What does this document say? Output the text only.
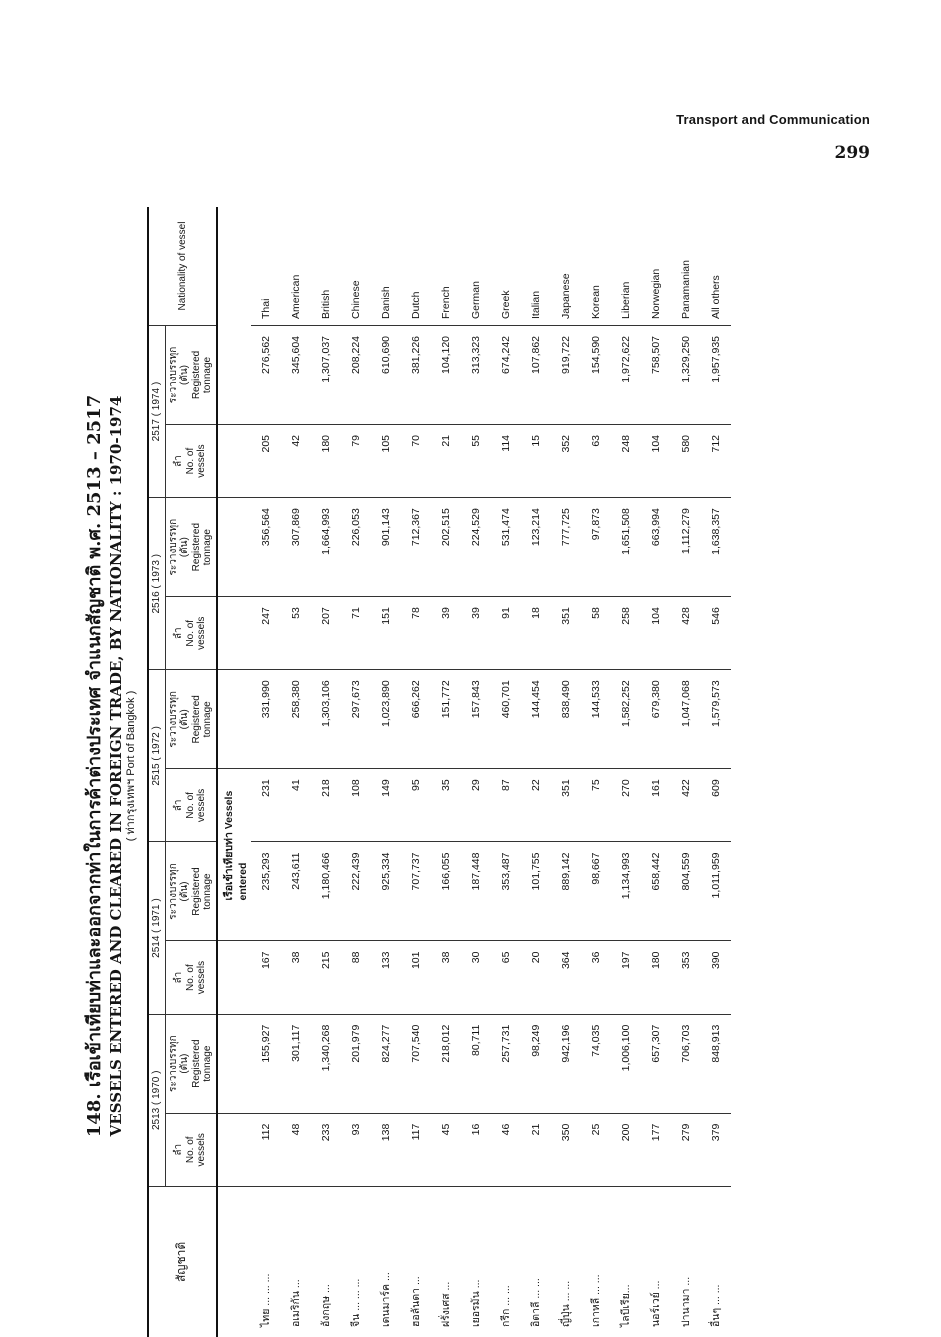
Transport and Communication
299
148. เรือเข้าเทียบท่าและออกจากท่าในการค้าต่างประเทศ จำแนกสัญชาติ พ.ศ. 2513 – 2517 VESSELS ENTERED AND CLEARED IN FOREIGN TRADE, BY NATIONALITY : 1970-1974 ( ท่ากรุงเทพฯ Port of Bangkok )
สัญชาติ	2513 ( 1970 )		2514 ( 1971 )		2515 ( 1972 )		2516 ( 1973 )		2517 ( 1974 )		Nationality of vessel
	ลำ
No. of
vessels	ระวางบรรทุก
(ตัน)
Registered
tonnage	ลำ
No. of
vessels	ระวางบรรทุก
(ตัน)
Registered
tonnage	ลำ
No. of
vessels	ระวางบรรทุก
(ตัน)
Registered
tonnage	ลำ
No. of
vessels	ระวางบรรทุก
(ตัน)
Registered
tonnage	ลำ
No. of
vessels	ระวางบรรทุก
(ตัน)
Registered
tonnage	
				เรือเข้าเทียบท่า Vessels entered							
ไทย ... ... ...	112	155,927	167	235,293	231	331,990	247	356,564	205	276,562	Thai
อเมริกัน ...	48	301,117	38	243,611	41	258,380	53	307,869	42	345,604	American
อังกฤษ ...	233	1,340,268	215	1,180,466	218	1,303,106	207	1,664,993	180	1,307,037	British
จีน ... ... ...	93	201,979	88	222,439	108	297,673	71	226,053	79	208,224	Chinese
เดนมาร์ค ...	138	824,277	133	925,334	149	1,023,890	151	901,143	105	610,690	Danish
ฮอลันดา ...	117	707,540	101	707,737	95	666,262	78	712,367	70	381,226	Dutch
ฝรั่งเศส ...	45	218,012	38	166,055	35	151,772	39	202,515	21	104,120	French
เยอรมัน ...	16	80,711	30	187,448	29	157,843	39	224,529	55	313,323	German
กรีก ... ...	46	257,731	65	353,487	87	460,701	91	531,474	114	674,242	Greek
อิตาลี ... ...	21	98,249	20	101,755	22	144,454	18	123,214	15	107,862	Italian
ญี่ปุ่น ... ...	350	942,196	364	889,142	351	838,490	351	777,725	352	919,722	Japanese
เกาหลี ... ...	25	74,035	36	98,667	75	144,533	58	97,873	63	154,590	Korean
ไลบีเรีย...	200	1,006,100	197	1,134,993	270	1,582,252	258	1,651,508	248	1,972,622	Liberian
นอร์เวย์ ...	177	657,307	180	658,442	161	679,380	104	663,994	104	758,507	Norwegian
ปานามา ...	279	706,703	353	804,559	422	1,047,068	428	1,112,279	580	1,329,250	Panamanian
อื่นๆ ... ...	379	848,913	390	1,011,959	609	1,579,573	546	1,638,357	712	1,957,935	All others
